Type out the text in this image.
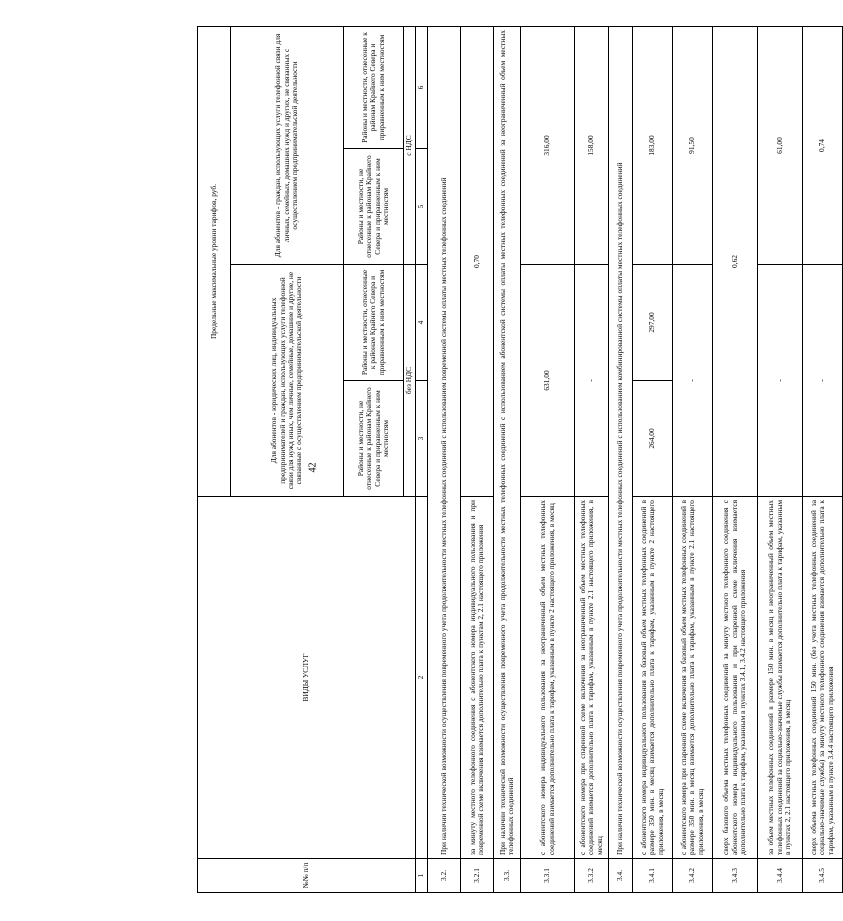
42
№№ п/п	ВИДЫ УСЛУГ	Предельные максимальные уровни тарифов, руб.			
		Для абонентов - юридических лиц, индивидуальных предпринимателей и граждан, использующих услуги телефонной связи для нужд иных, чем личные, семейные, домашние и другие, не связанные с осуществлением предпринимательской деятельности		Для абонентов - граждан, использующих услуги телефонной связи для личных, семейных, домашних нужд и других, не связанных с осуществлением предпринимательской деятельности	
		Районы и местности, не отнесенные к районам Крайнего Севера и приравненным к ним местностям	Районы и местности, отнесенные к районам Крайнего Севера и приравненным к ним местностям	Районы и местности, не отнесенные к районам Крайнего Севера и приравненным к ним местностям	Районы и местности, отнесенные к районам Крайнего Севера и приравненным к ним местностям
		без НДС		с НДС	
1	2	3	4	5	6
3.2.	При наличии технической возможности осуществления повременного учета продолжительности местных телефонных соединений с использованием повременной системы оплаты местных телефонных соединений				
3.2.1	за минуту местного телефонного соединения с абонентского номера индивидуального пользования и при повременной схеме включения взимается дополнительно плата к пунктам 2, 2.1 настоящего приложения	0,70			
3.3.	При наличии технической возможности осуществления повременного учета продолжительности местных телефонных соединений с использованием абонентской системы оплаты местных телефонных соединений за неограниченный объем местных телефонных соединений				
3.3.1	с абонентского номера индивидуального пользования за неограниченный объем местных телефонных соединений взимается дополнительно плата к тарифам, указанным в пункте 2 настоящего приложения, в месяц	631,00		316,00	
3.3.2	с абонентского номера при спаренной схеме включения за неограниченный объем местных телефонных соединений взимается дополнительно плата к тарифам, указанным в пункте 2.1 настоящего приложения, в месяц	-		158,00	
3.4.	При наличии технической возможности осуществления повременного учета продолжительности местных телефонных соединений с использованием комбинированной системы оплаты местных телефонных соединений				
3.4.1	с абонентского номера индивидуального пользования за базовый объем местных телефонных соединений в размере 350 мин. в месяц взимается дополнительно плата к тарифам, указанным в пункте 2 настоящего приложения, в месяц	264,00	297,00	183,00	
3.4.2	с абонентского номера при спаренной схеме включения за базовый объем местных телефонных соединений в размере 350 мин. в месяц взимается дополнительно плата к тарифам, указанным в пункте 2.1 настоящего приложения, в месяц	-		91,50	
3.4.3	сверх базового объема местных телефонных соединений за минуту местного телефонного соединения с абонентского номера индивидуального пользования и при спаренной схеме включения взимается дополнительно плата к тарифам, указанным в пунктах 3.4.1, 3.4.2 настоящего приложения	0,62			
3.4.4	за объем местных телефонных соединений в размере 150 мин. в месяц и неограниченный объем местных телефонных соединений за социально-значимые службы взимается дополнительно плата к тарифам, указанным в пунктах 2, 2.1 настоящего приложения, в месяц	-		61,00	
3.4.5	сверх объема местных телефонных соединений 150 мин. (без учета местных телефонных соединений за социально-значимые службы) за минуту местного телефонного соединения взимается дополнительно плата к тарифам, указанным в пункте 3.4.4 настоящего приложения	-		0,74	
